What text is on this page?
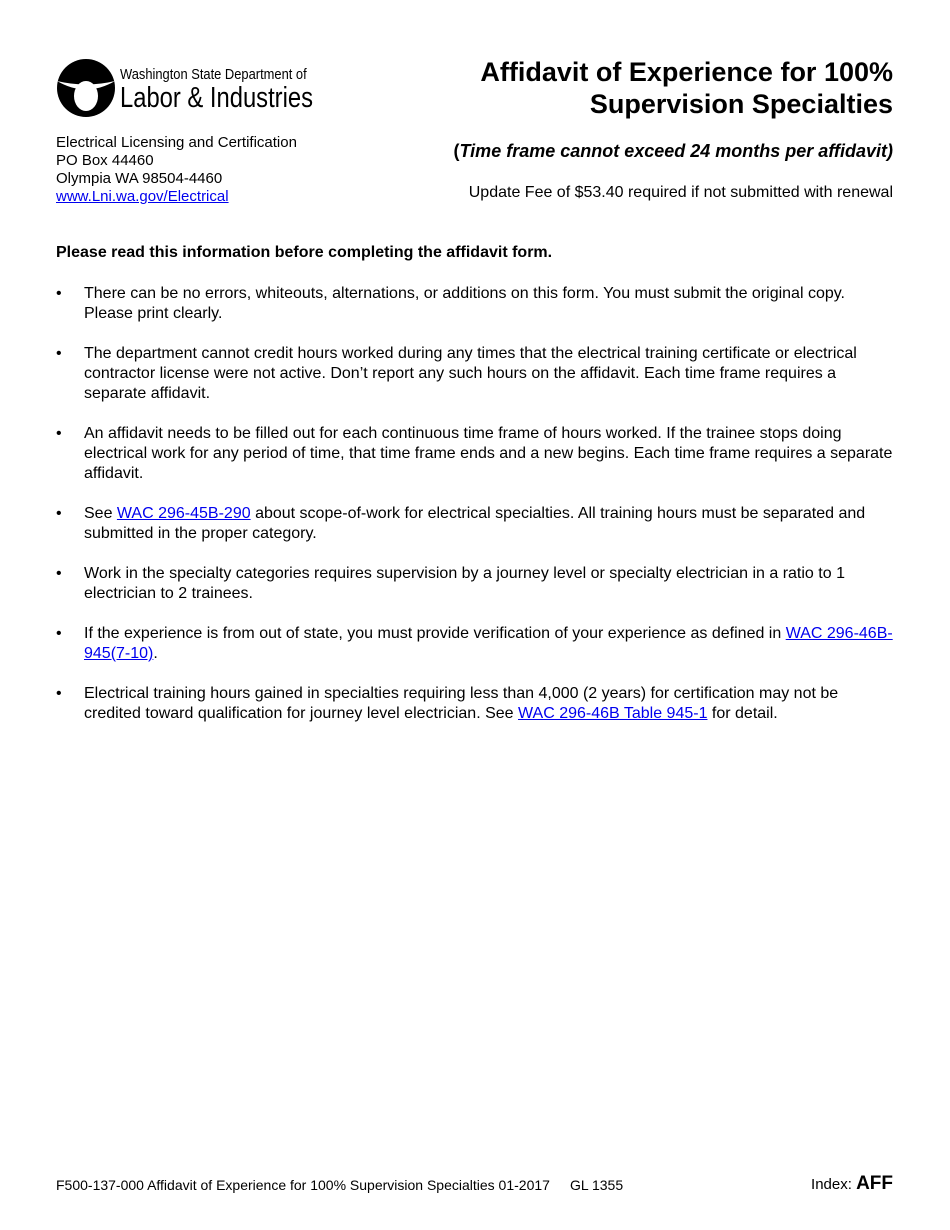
Washington State Department of
Labor & Industries
Affidavit of Experience for 100%
Supervision Specialties
Electrical Licensing and Certification
PO Box 44460
Olympia WA 98504-4460
www.Lni.wa.gov/Electrical
(Time frame cannot exceed 24 months per affidavit)
Update Fee of $53.40 required if not submitted with renewal
Please read this information before completing the affidavit form.
• There can be no errors, whiteouts, alternations, or additions on this form. You must submit the original copy. Please print clearly.
• The department cannot credit hours worked during any times that the electrical training certificate or electrical contractor license were not active. Don’t report any such hours on the affidavit. Each time frame requires a separate affidavit.
• An affidavit needs to be filled out for each continuous time frame of hours worked. If the trainee stops doing electrical work for any period of time, that time frame ends and a new begins. Each time frame requires a separate affidavit.
• See WAC 296-45B-290 about scope-of-work for electrical specialties. All training hours must be separated and submitted in the proper category.
• Work in the specialty categories requires supervision by a journey level or specialty electrician in a ratio to 1 electrician to 2 trainees.
• If the experience is from out of state, you must provide verification of your experience as defined in WAC 296-46B-945(7-10).
• Electrical training hours gained in specialties requiring less than 4,000 (2 years) for certification may not be credited toward qualification for journey level electrician. See WAC 296-46B Table 945-1 for detail.
F500-137-000 Affidavit of Experience for 100% Supervision Specialties 01-2017 GL 1355	Index: AFF
